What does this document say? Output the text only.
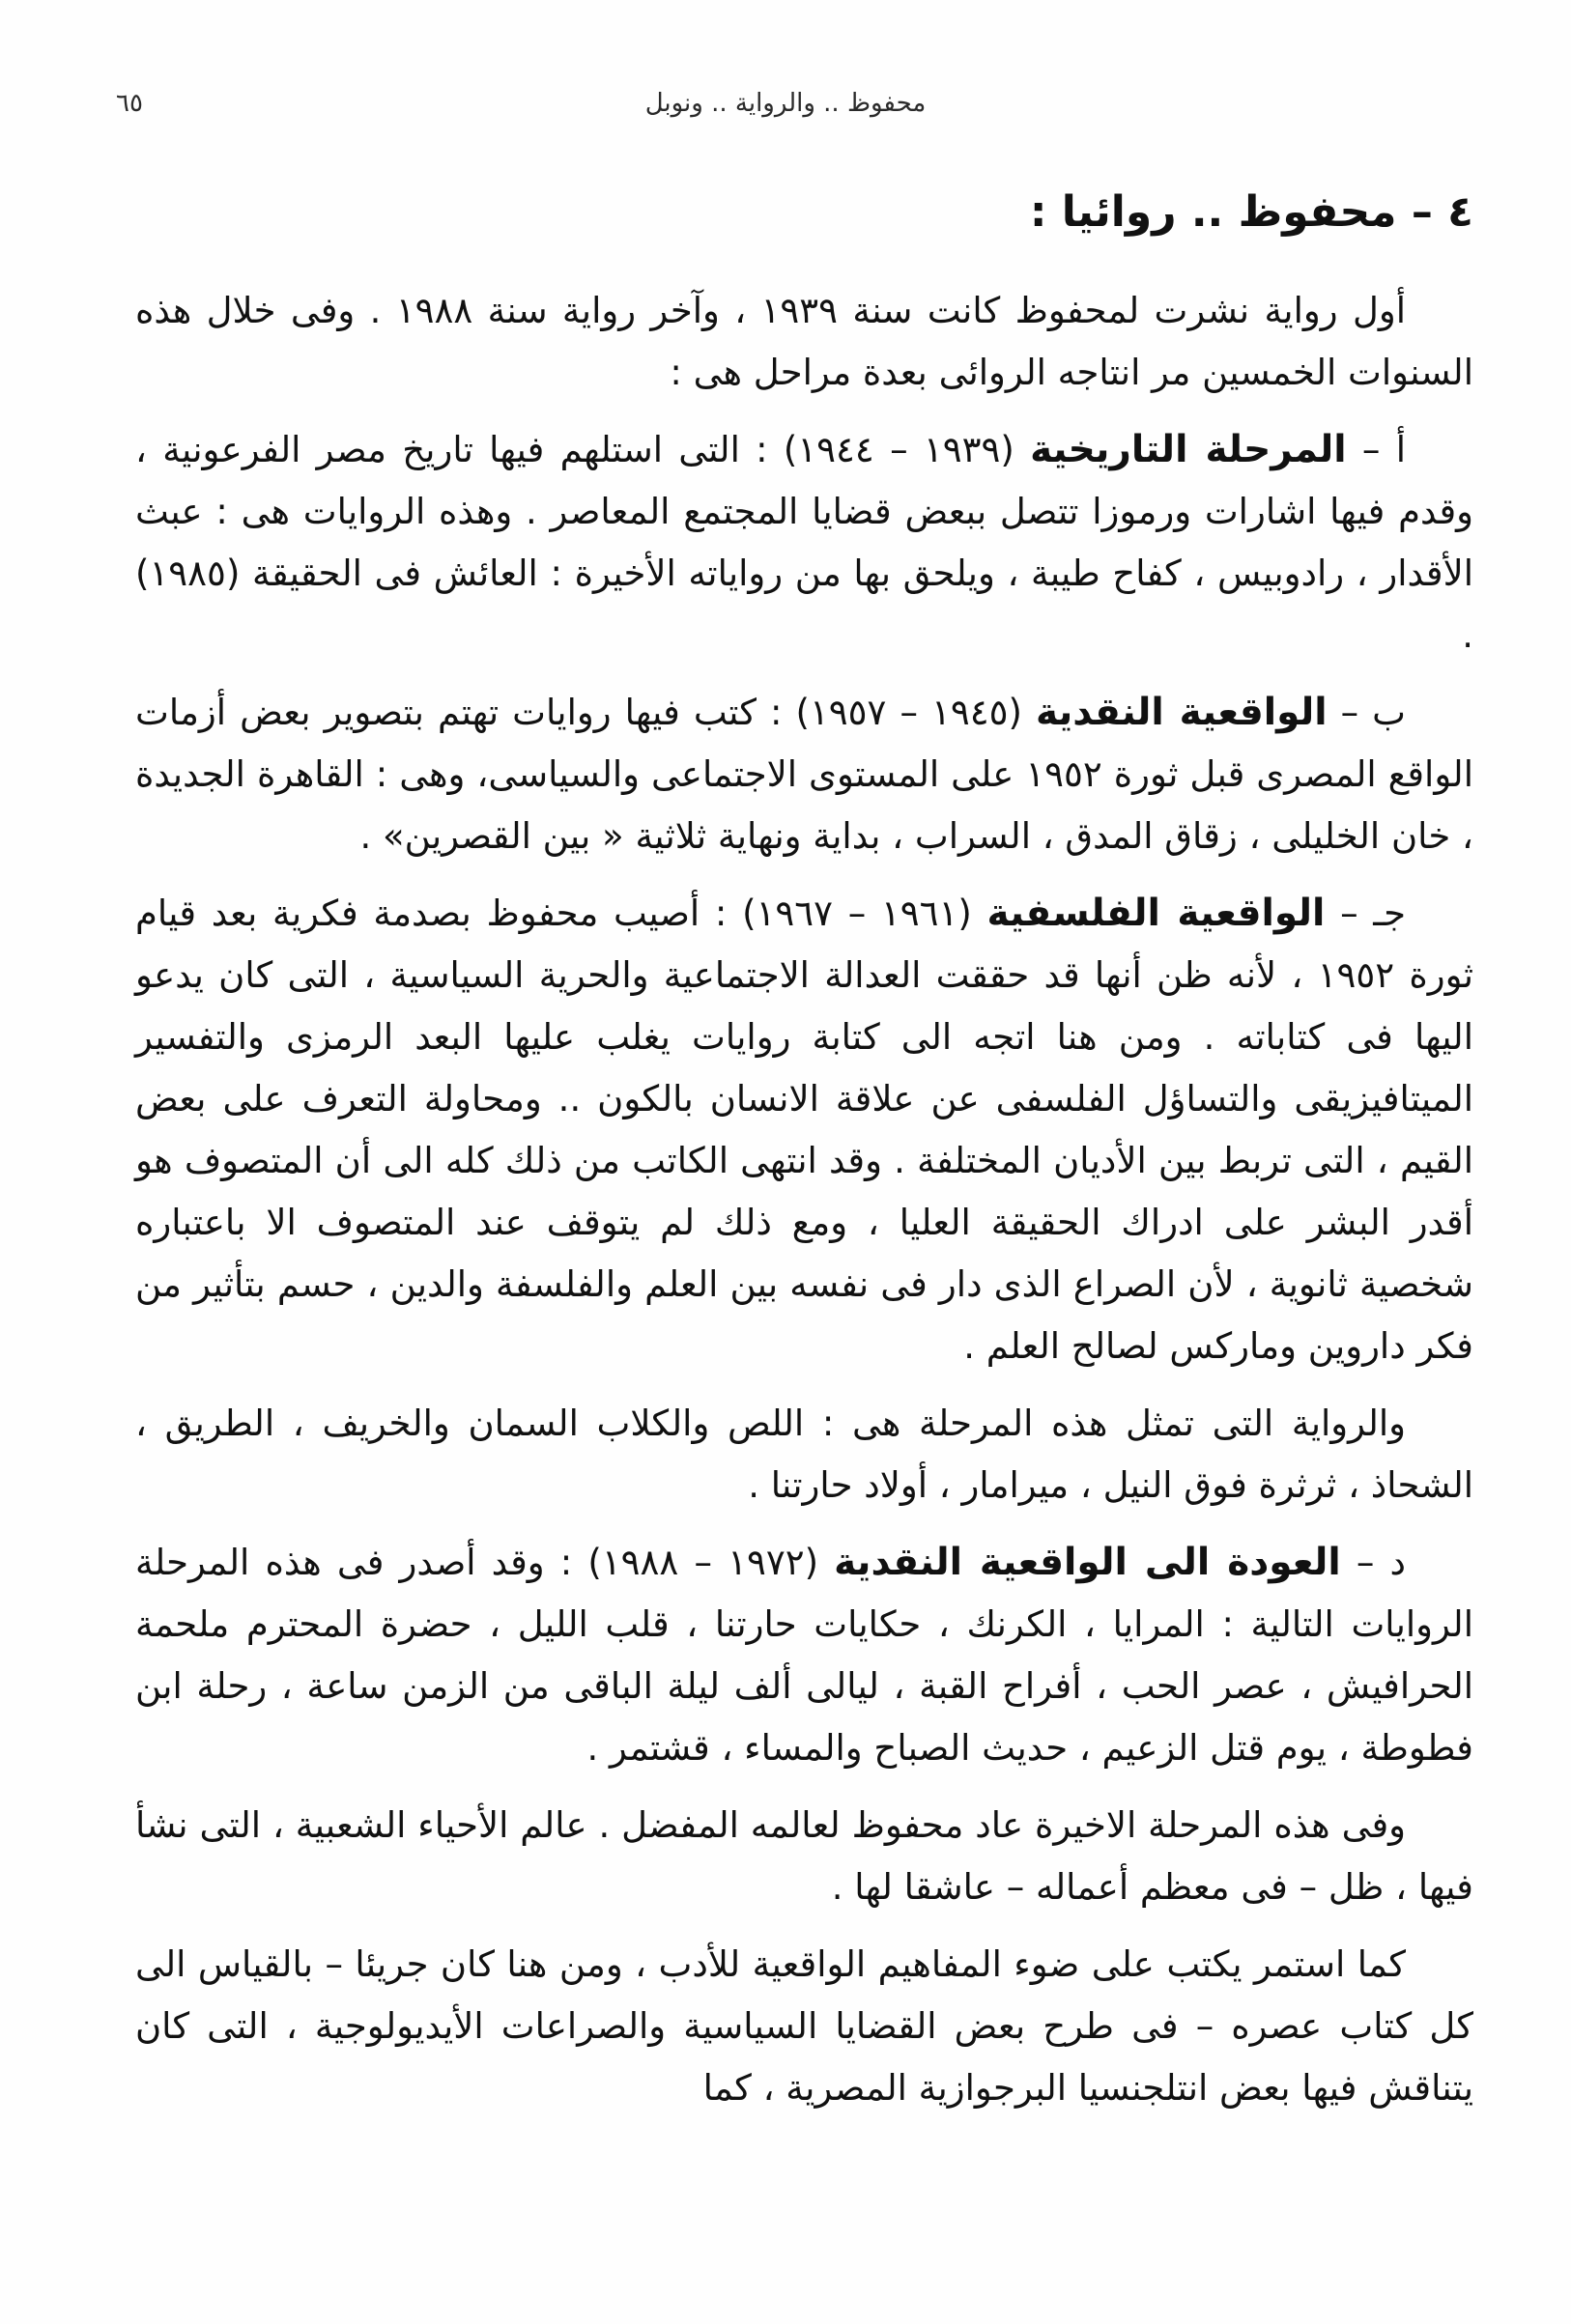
محفوظ .. والرواية .. ونوبل
٦٥
٤ – محفوظ .. روائيا :

أول رواية نشرت لمحفوظ كانت سنة ١٩٣٩ ، وآخر رواية سنة ١٩٨٨ . وفى خلال هذه السنوات الخمسين مر انتاجه الروائى بعدة مراحل هى :

أ – المرحلة التاريخية (١٩٣٩ – ١٩٤٤) : التى استلهم فيها تاريخ مصر الفرعونية ، وقدم فيها اشارات ورموزا تتصل ببعض قضايا المجتمع المعاصر . وهذه الروايات هى : عبث الأقدار ، رادوبيس ، كفاح طيبة ، ويلحق بها من رواياته الأخيرة : العائش فى الحقيقة (١٩٨٥) .

ب – الواقعية النقدية (١٩٤٥ – ١٩٥٧) : كتب فيها روايات تهتم بتصوير بعض أزمات الواقع المصرى قبل ثورة ١٩٥٢ على المستوى الاجتماعى والسياسى، وهى : القاهرة الجديدة ، خان الخليلى ، زقاق المدق ، السراب ، بداية ونهاية ثلاثية « بين القصرين» .

جـ – الواقعية الفلسفية (١٩٦١ – ١٩٦٧) : أصيب محفوظ بصدمة فكرية بعد قيام ثورة ١٩٥٢ ، لأنه ظن أنها قد حققت العدالة الاجتماعية والحرية السياسية ، التى كان يدعو اليها فى كتاباته . ومن هنا اتجه الى كتابة روايات يغلب عليها البعد الرمزى والتفسير الميتافيزيقى والتساؤل الفلسفى عن علاقة الانسان بالكون .. ومحاولة التعرف على بعض القيم ، التى تربط بين الأديان المختلفة . وقد انتهى الكاتب من ذلك كله الى أن المتصوف هو أقدر البشر على ادراك الحقيقة العليا ، ومع ذلك لم يتوقف عند المتصوف الا باعتباره شخصية ثانوية ، لأن الصراع الذى دار فى نفسه بين العلم والفلسفة والدين ، حسم بتأثير من فكر داروين وماركس لصالح العلم .

والرواية التى تمثل هذه المرحلة هى : اللص والكلاب السمان والخريف ، الطريق ، الشحاذ ، ثرثرة فوق النيل ، ميرامار ، أولاد حارتنا .

د – العودة الى الواقعية النقدية (١٩٧٢ – ١٩٨٨) : وقد أصدر فى هذه المرحلة الروايات التالية : المرايا ، الكرنك ، حكايات حارتنا ، قلب الليل ، حضرة المحترم ملحمة الحرافيش ، عصر الحب ، أفراح القبة ، ليالى ألف ليلة الباقى من الزمن ساعة ، رحلة ابن فطوطة ، يوم قتل الزعيم ، حديث الصباح والمساء ، قشتمر .

وفى هذه المرحلة الاخيرة عاد محفوظ لعالمه المفضل . عالم الأحياء الشعبية ، التى نشأ فيها ، ظل – فى معظم أعماله – عاشقا لها .

كما استمر يكتب على ضوء المفاهيم الواقعية للأدب ، ومن هنا كان جريئا – بالقياس الى كل كتاب عصره – فى طرح بعض القضايا السياسية والصراعات الأيديولوجية ، التى كان يتناقش فيها بعض انتلجنسيا البرجوازية المصرية ، كما
